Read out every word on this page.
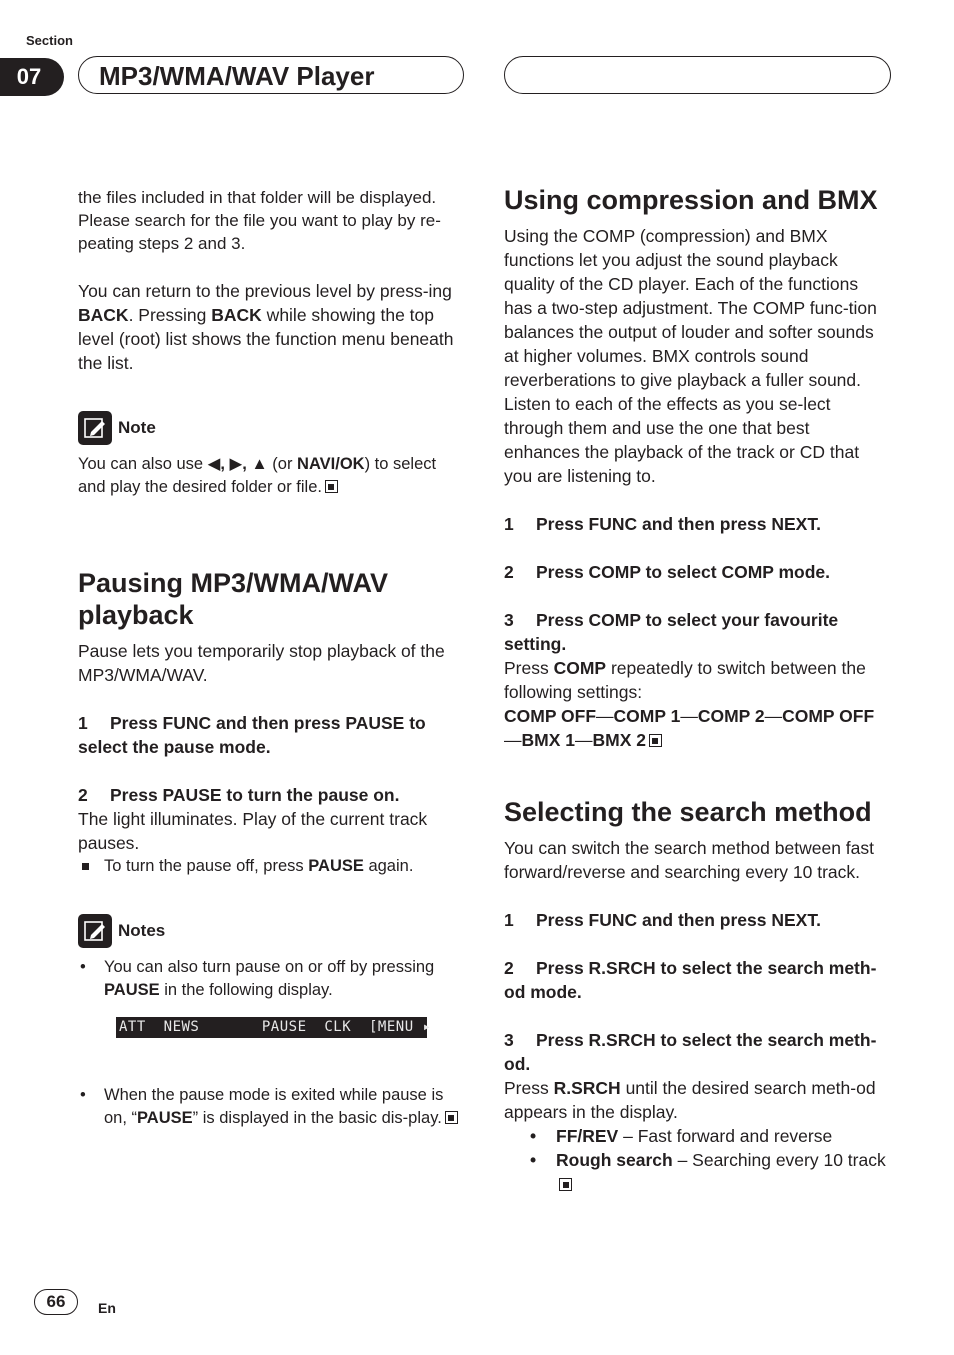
Section
07	MP3/WMA/WAV Player

the files included in that folder will be displayed. Please search for the file you want to play by re-peating steps 2 and 3.

You can return to the previous level by press-ing BACK. Pressing BACK while showing the top level (root) list shows the function menu beneath the list.

Note

You can also use ◀, ▶, ▲ (or NAVI/OK) to select and play the desired folder or file.

Pausing MP3/WMA/WAV playback

Pause lets you temporarily stop playback of the MP3/WMA/WAV.

1 Press FUNC and then press PAUSE to select the pause mode.
2 Press PAUSE to turn the pause on.

The light illuminates. Play of the current track pauses.

To turn the pause off, press PAUSE again.

Notes

• You can also turn pause on or off by pressing PAUSE in the following display.

ATT  NEWS       PAUSE  CLK  [MENU ▸

• When the pause mode is exited while pause is on, “PAUSE” is displayed in the basic dis-play.

Using compression and BMX

Using the COMP (compression) and BMX functions let you adjust the sound playback quality of the CD player. Each of the functions has a two-step adjustment. The COMP func-tion balances the output of louder and softer sounds at higher volumes. BMX controls sound reverberations to give playback a fuller sound. Listen to each of the effects as you se-lect through them and use the one that best enhances the playback of the track or CD that you are listening to.

1 Press FUNC and then press NEXT.
2 Press COMP to select COMP mode.
3 Press COMP to select your favourite setting.

Press COMP repeatedly to switch between the following settings:

COMP OFF—COMP 1—COMP 2—COMP OFF—BMX 1—BMX 2

Selecting the search method

You can switch the search method between fast forward/reverse and searching every 10 track.

1 Press FUNC and then press NEXT.
2 Press R.SRCH to select the search meth-od mode.
3 Press R.SRCH to select the search meth-od.

Press R.SRCH until the desired search meth-od appears in the display.

• FF/REV – Fast forward and reverse

• Rough search – Searching every 10 track

66	En
